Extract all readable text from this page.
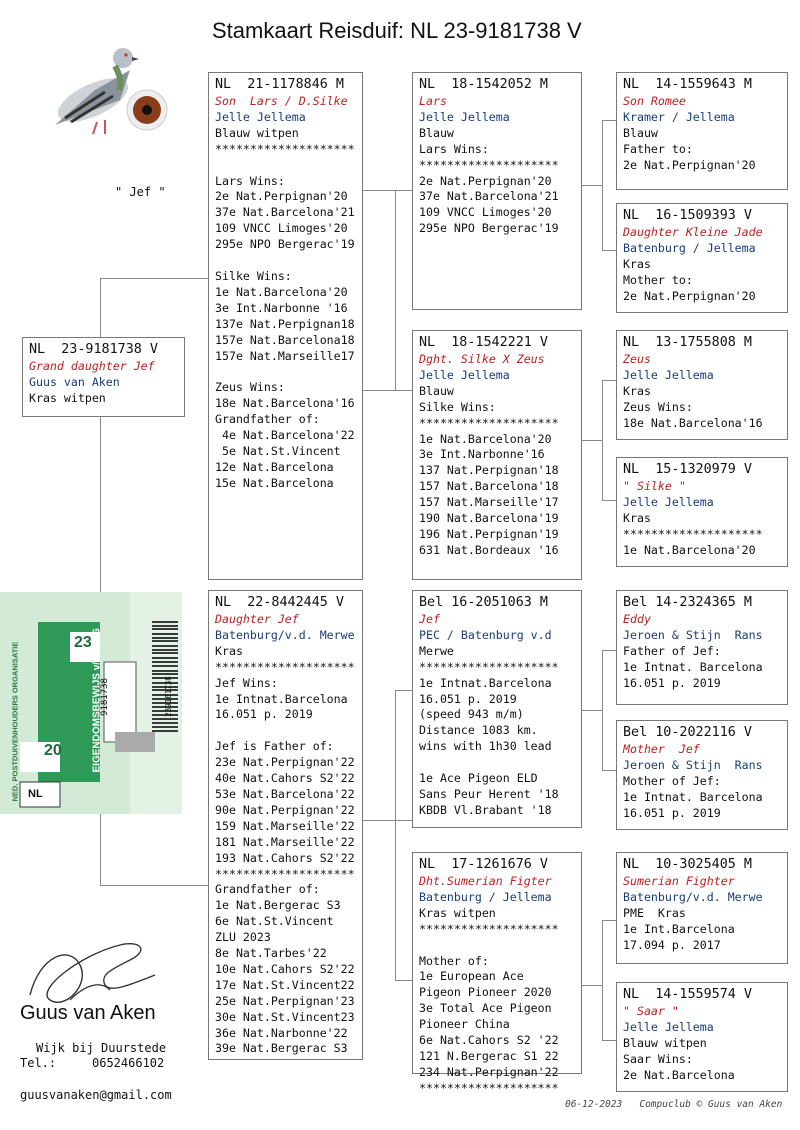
Stamkaart Reisduif: NL 23-9181738 V
" Jef "
NL  23-9181738 V
Grand daughter Jef
Guus van Aken
Kras witpen
NL  21-1178846 M
Son  Lars / D.Silke
Jelle Jellema
Blauw witpen
********************

Lars Wins:
2e Nat.Perpignan'20
37e Nat.Barcelona'21
109 VNCC Limoges'20
295e NPO Bergerac'19

Silke Wins:
1e Nat.Barcelona'20
3e Int.Narbonne '16
137e Nat.Perpignan18
157e Nat.Barcelona18
157e Nat.Marseille17

Zeus Wins:
18e Nat.Barcelona'16
Grandfather of:
4e Nat.Barcelona'22
5e Nat.St.Vincent
12e Nat.Barcelona
15e Nat.Barcelona
NL  22-8442445 V
Daughter Jef
Batenburg/v.d. Merwe
Kras
********************
Jef Wins:
1e Intnat.Barcelona
16.051 p. 2019

Jef is Father of:
23e Nat.Perpignan'22
40e Nat.Cahors S2'22
53e Nat.Barcelona'22
90e Nat.Perpignan'22
159 Nat.Marseille'22
181 Nat.Marseille'22
193 Nat.Cahors S2'22
********************
Grandfather of:
1e Nat.Bergerac S3
6e Nat.St.Vincent
ZLU 2023
8e Nat.Tarbes'22
10e Nat.Cahors S2'22
17e Nat.St.Vincent22
25e Nat.Perpignan'23
30e Nat.St.Vincent23
36e Nat.Narbonne'22
39e Nat.Bergerac S3
NL  18-1542052 M
Lars
Jelle Jellema
Blauw
Lars Wins:
********************
2e Nat.Perpignan'20
37e Nat.Barcelona'21
109 VNCC Limoges'20
295e NPO Bergerac'19
NL  18-1542221 V
Dght. Silke X Zeus
Jelle Jellema
Blauw
Silke Wins:
********************
1e Nat.Barcelona'20
3e Int.Narbonne'16
137 Nat.Perpignan'18
157 Nat.Barcelona'18
157 Nat.Marseille'17
190 Nat.Barcelona'19
196 Nat.Perpignan'19
631 Nat.Bordeaux '16
Bel 16-2051063 M
Jef
PEC / Batenburg v.d
Merwe
********************
1e Intnat.Barcelona
16.051 p. 2019
(speed 943 m/m)
Distance 1083 km.
wins with 1h30 lead

1e Ace Pigeon ELD
Sans Peur Herent '18
KBDB Vl.Brabant '18
NL  17-1261676 V
Dht.Sumerian Figter
Batenburg / Jellema
Kras witpen
********************

Mother of:
1e European Ace
Pigeon Pioneer 2020
3e Total Ace Pigeon
Pioneer China
6e Nat.Cahors S2 '22
121 N.Bergerac S1 22
234 Nat.Perpignan'22
********************
NL  14-1559643 M
Son Romee
Kramer / Jellema
Blauw
Father to:
2e Nat.Perpignan'20
NL  16-1509393 V
Daughter Kleine Jade
Batenburg / Jellema
Kras
Mother to:
2e Nat.Perpignan'20
NL  13-1755808 M
Zeus
Jelle Jellema
Kras
Zeus Wins:
18e Nat.Barcelona'16
NL  15-1320979 V
" Silke "
Jelle Jellema
Kras
********************
1e Nat.Barcelona'20
Bel 14-2324365 M
Eddy
Jeroen & Stijn  Rans
Father of Jef:
1e Intnat. Barcelona
16.051 p. 2019
Bel 10-2022116 V
Mother  Jef
Jeroen & Stijn  Rans
Mother of Jef:
1e Intnat. Barcelona
16.051 p. 2019
NL  10-3025405 M
Sumerian Fighter
Batenburg/v.d. Merwe
PME  Kras
1e Int.Barcelona
17.094 p. 2017
NL  14-1559574 V
" Saar "
Jelle Jellema
Blauw witpen
Saar Wins:
2e Nat.Barcelona
NED. POSTDUIVENHOUDERS ORGANISATIE	EIGENDOMSBEWIJS v/d RING
20
23
NL
9181738	239181738
Guus van Aken
Wijk bij Duurstede
Tel.:	0652466102
guusvanaken@gmail.com
06-12-2023   Compuclub © Guus van Aken
